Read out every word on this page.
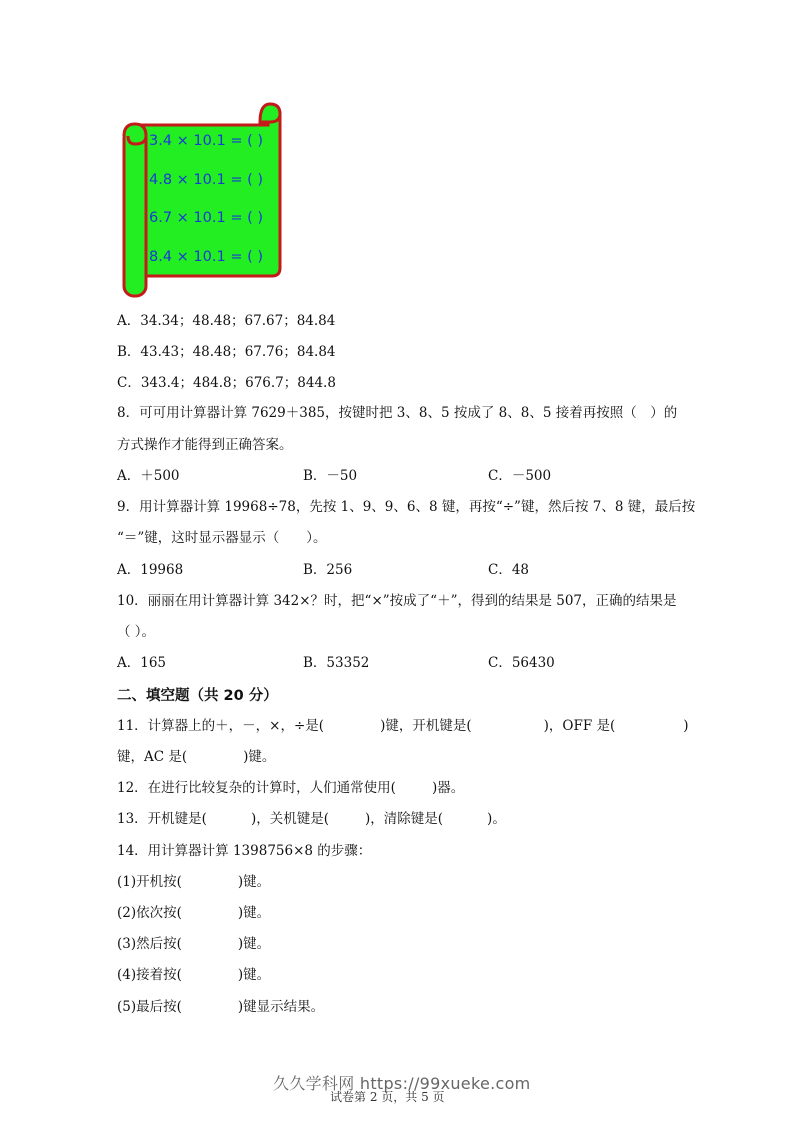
3.4 × 10.1 = ( )
4.8 × 10.1 = ( )
6.7 × 10.1 = ( )
8.4 × 10.1 = ( )
A．34.34；48.48；67.67；84.84
B．43.43；48.48；67.76；84.84
C．343.4；484.8；676.7；844.8
8．可可用计算器计算 7629＋385，按键时把 3、8、5 按成了 8、8、5 接着再按照（　）的
方式操作才能得到正确答案。
A．＋500	B．－50	C．－500
9．用计算器计算 19968÷78，先按 1、9、9、6、8 键，再按“÷”键，然后按 7、8 键，最后按
“＝”键，这时显示器显示（　　）。
A．19968	B．256	C．48
10．丽丽在用计算器计算 342×？时，把“×”按成了“＋”，得到的结果是 507，正确的结果是
（ ）。
A．165	B．53352	C．56430
二、填空题（共 20 分）
11．计算器上的＋，－，×，÷是(	)键，开机键是(	)，OFF 是(	)
键，AC 是(	)键。
12．在进行比较复杂的计算时，人们通常使用(	)器。
13．开机键是(	)，关机键是(	)，清除键是(	)。
14．用计算器计算 1398756×8 的步骤：
(1)开机按(	)键。
(2)依次按(	)键。
(3)然后按(	)键。
(4)接着按(	)键。
(5)最后按(	)键显示结果。
久久学科网 https://99xueke.com
试卷第 2 页，共 5 页
